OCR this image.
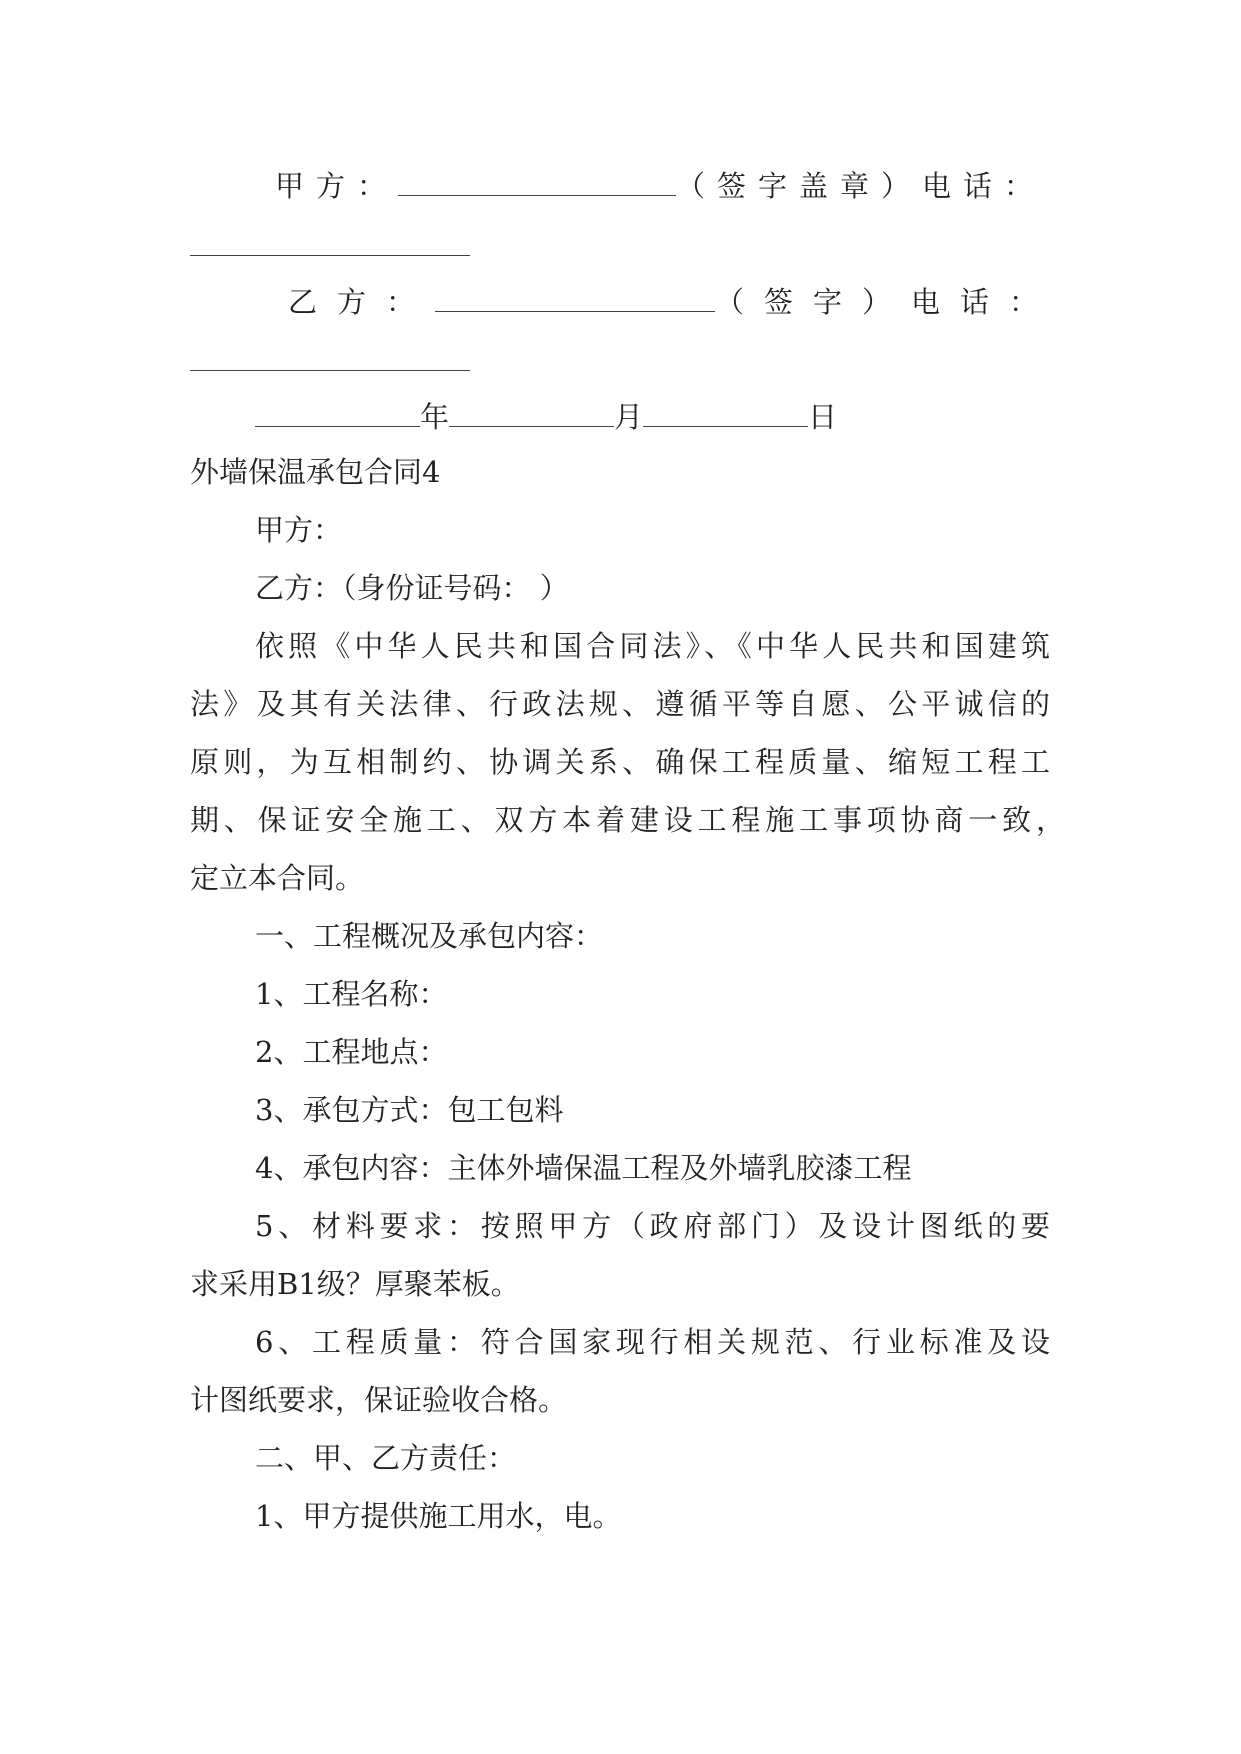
甲方：	（签字盖章）电话：
乙方：	（签字）电话：
年	月	日
外墙保温承包合同4
甲方：
乙方：（身份证号码： ）
依照《中华人民共和国合同法》、《中华人民共和国建筑
法》及其有关法律、行政法规、遵循平等自愿、公平诚信的
原则，为互相制约、协调关系、确保工程质量、缩短工程工
期、保证安全施工、双方本着建设工程施工事项协商一致，
定立本合同。
一、工程概况及承包内容：
1、工程名称：
2、工程地点：
3、承包方式：包工包料
4、承包内容：主体外墙保温工程及外墙乳胶漆工程
5、材料要求：按照甲方（政府部门）及设计图纸的要
求采用B1级？厚聚苯板。
6、工程质量：符合国家现行相关规范、行业标准及设
计图纸要求，保证验收合格。
二、甲、乙方责任：
1、甲方提供施工用水，电。
